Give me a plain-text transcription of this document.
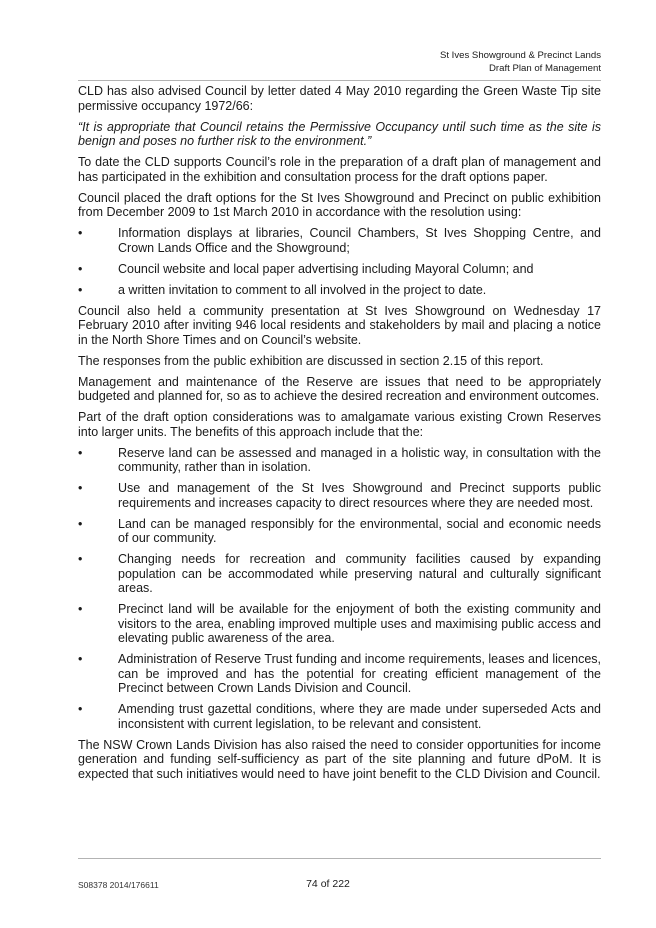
St Ives Showground & Precinct Lands
Draft Plan of Management

CLD has also advised Council by letter dated 4 May 2010 regarding the Green Waste Tip site permissive occupancy 1972/66:

“It is appropriate that Council retains the Permissive Occupancy until such time as the site is benign and poses no further risk to the environment.”

To date the CLD supports Council’s role in the preparation of a draft plan of management and has participated in the exhibition and consultation process for the draft options paper.

Council placed the draft options for the St Ives Showground and Precinct on public exhibition from December 2009 to 1st March 2010 in accordance with the resolution using:

•	Information displays at libraries, Council Chambers, St Ives Shopping Centre, and Crown Lands Office and the Showground;
•	Council website and local paper advertising including Mayoral Column; and
•	a written invitation to comment to all involved in the project to date.

Council also held a community presentation at St Ives Showground on Wednesday 17 February 2010 after inviting 946 local residents and stakeholders by mail and placing a notice in the North Shore Times and on Council’s website.

The responses from the public exhibition are discussed in section 2.15 of this report.

Management and maintenance of the Reserve are issues that need to be appropriately budgeted and planned for, so as to achieve the desired recreation and environment outcomes.

Part of the draft option considerations was to amalgamate various existing Crown Reserves into larger units. The benefits of this approach include that the:

•	Reserve land can be assessed and managed in a holistic way, in consultation with the community, rather than in isolation.
•	Use and management of the St Ives Showground and Precinct supports public requirements and increases capacity to direct resources where they are needed most.
•	Land can be managed responsibly for the environmental, social and economic needs of our community.
•	Changing needs for recreation and community facilities caused by expanding population can be accommodated while preserving natural and culturally significant areas.
•	Precinct land will be available for the enjoyment of both the existing community and visitors to the area, enabling improved multiple uses and maximising public access and elevating public awareness of the area.
•	Administration of Reserve Trust funding and income requirements, leases and licences, can be improved and has the potential for creating efficient management of the Precinct between Crown Lands Division and Council.
•	Amending trust gazettal conditions, where they are made under superseded Acts and inconsistent with current legislation, to be relevant and consistent.

The NSW Crown Lands Division has also raised the need to consider opportunities for income generation and funding self-sufficiency as part of the site planning and future dPoM. It is expected that such initiatives would need to have joint benefit to the CLD Division and Council.

S08378 2014/176611	74 of 222
